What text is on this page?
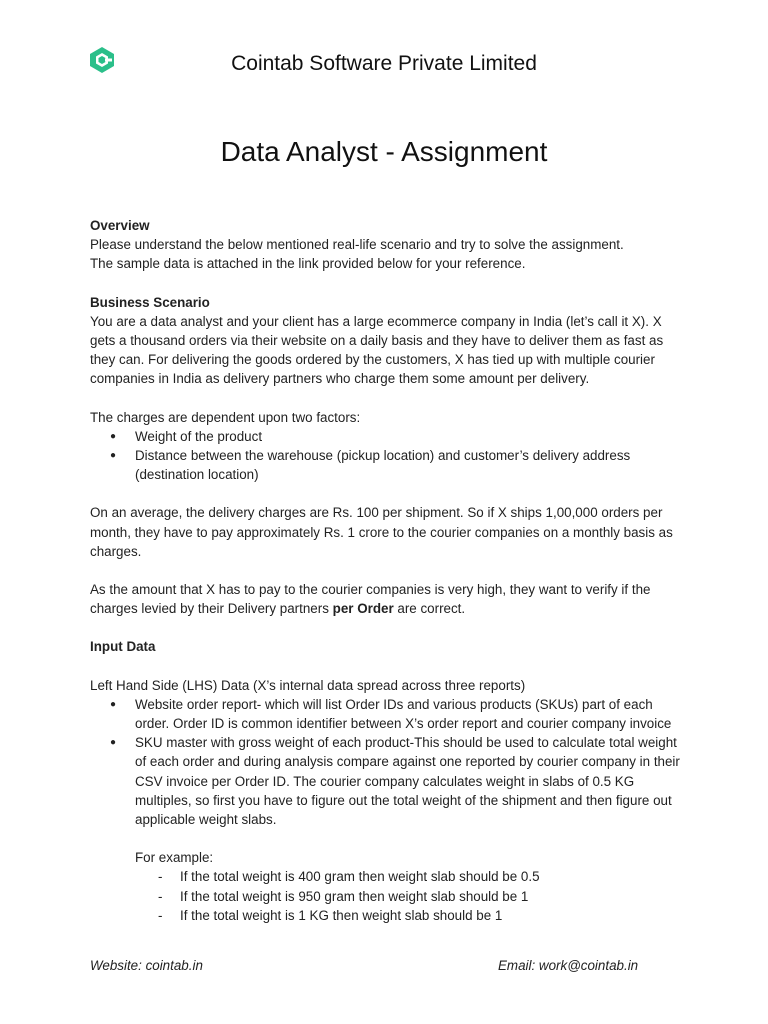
Cointab Software Private Limited
Data Analyst - Assignment

Overview

Please understand the below mentioned real-life scenario and try to solve the assignment.

The sample data is attached in the link provided below for your reference.

Business Scenario

You are a data analyst and your client has a large ecommerce company in India (let’s call it X). X gets a thousand orders via their website on a daily basis and they have to deliver them as fast as they can. For delivering the goods ordered by the customers, X has tied up with multiple courier companies in India as delivery partners who charge them some amount per delivery.

The charges are dependent upon two factors:

● Weight of the product
● Distance between the warehouse (pickup location) and customer’s delivery address (destination location)

On an average, the delivery charges are Rs. 100 per shipment. So if X ships 1,00,000 orders per month, they have to pay approximately Rs. 1 crore to the courier companies on a monthly basis as charges.

As the amount that X has to pay to the courier companies is very high, they want to verify if the charges levied by their Delivery partners per Order are correct.

Input Data

Left Hand Side (LHS) Data (X’s internal data spread across three reports)

● Website order report- which will list Order IDs and various products (SKUs) part of each order. Order ID is common identifier between X’s order report and courier company invoice
● SKU master with gross weight of each product-This should be used to calculate total weight of each order and during analysis compare against one reported by courier company in their CSV invoice per Order ID. The courier company calculates weight in slabs of 0.5 KG multiples, so first you have to figure out the total weight of the shipment and then figure out applicable weight slabs.

For example:

- If the total weight is 400 gram then weight slab should be 0.5
- If the total weight is 950 gram then weight slab should be 1
- If the total weight is 1 KG then weight slab should be 1
Website: cointab.in	Email: work@cointab.in
